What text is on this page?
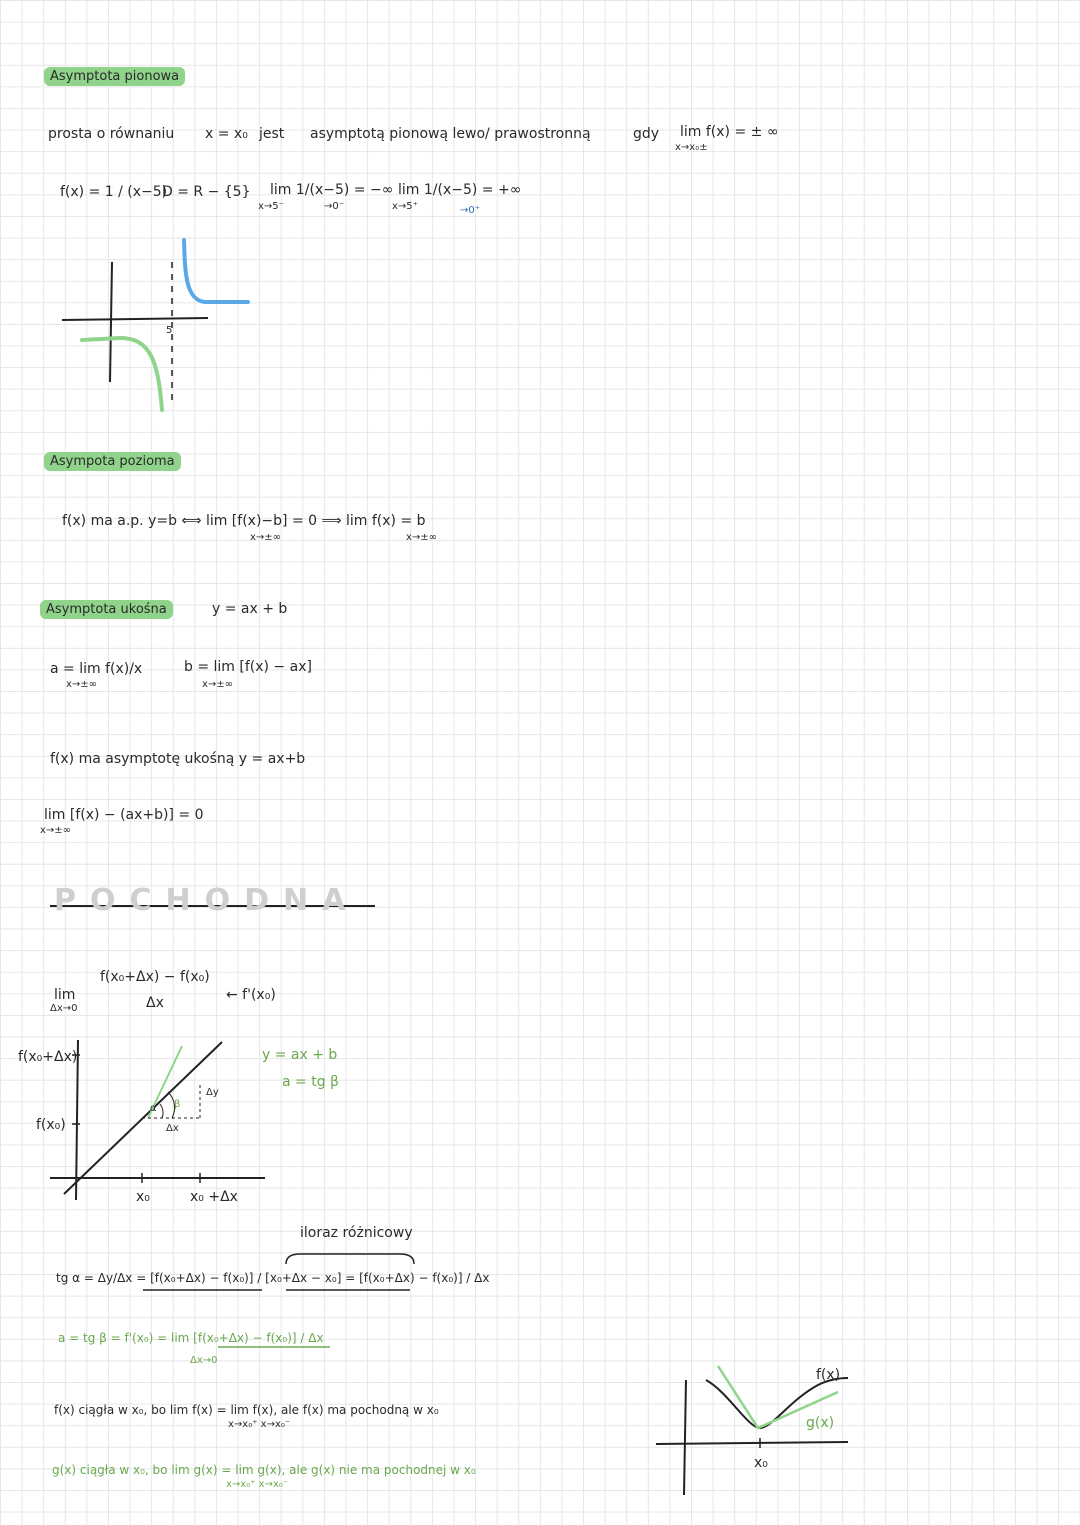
Asymptota pionowa
prosta o równaniu x = x₀ jest asymptotą pionową lewo/ prawostronną	gdy lim f(x) = ± ∞
x→x₀±
f(x) = 1 / (x−5)
D = R − {5} lim 1/(x−5) = −∞
x→5⁻	→0⁻
lim 1/(x−5) = +∞
x→5⁺	→0⁺
Asympota pozioma
f(x) ma a.p. y=b ⟺ lim [f(x)−b] = 0 ⟹ lim f(x) = b
x→±∞	x→±∞
Asymptota ukośna	y = ax + b
a = lim f(x)/x
x→±∞
b = lim [f(x) − ax]
x→±∞
f(x) ma asymptotę ukośną y = ax+b
lim [f(x) − (ax+b)] = 0
x→±∞
POCHODNA
lim
Δx→0
f(x₀+Δx) − f(x₀)
Δx	← f'(x₀)
f(x₀+Δx)
f(x₀)
x₀	x₀ +Δx
Δy
Δx
α β
y = ax + b
a = tg β
iloraz różnicowy
tg α = Δy/Δx = [f(x₀+Δx) − f(x₀)] / [x₀+Δx − x₀] = [f(x₀+Δx) − f(x₀)] / Δx
a = tg β = f'(x₀) = lim [f(x₀+Δx) − f(x₀)] / Δx
Δx→0
f(x) ciągła w x₀, bo lim f(x) = lim f(x), ale f(x) ma pochodną w x₀
x→x₀⁺ x→x₀⁻
g(x) ciągła w x₀, bo lim g(x) = lim g(x), ale g(x) nie ma pochodnej w x₀
x→x₀⁺ x→x₀⁻
f(x)
g(x)
x₀
5
